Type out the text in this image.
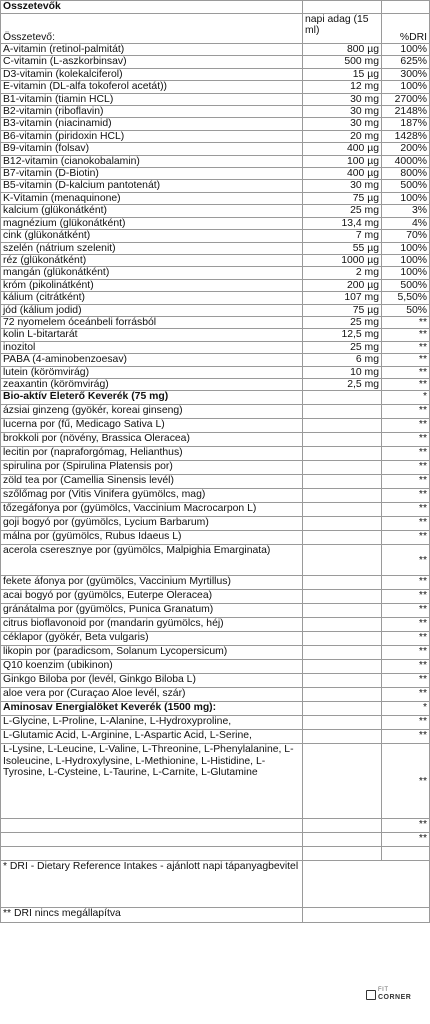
Összetevők		
Összetevő:	napi adag (15 ml)	%DRI
A-vitamin (retinol-palmitát)	800 µg	100%
C-vitamin (L-aszkorbinsav)	500 mg	625%
D3-vitamin (kolekalciferol)	15 µg	300%
E-vitamin (DL-alfa tokoferol acetát))	12 mg	100%
B1-vitamin (tiamin HCL)	30 mg	2700%
B2-vitamin (riboflavin)	30 mg	2148%
B3-vitamin (niacinamid)	30 mg	187%
B6-vitamin (piridoxin HCL)	20 mg	1428%
B9-vitamin (folsav)	400 µg	200%
B12-vitamin (cianokobalamin)	100 µg	4000%
B7-vitamin (D-Biotin)	400 µg	800%
B5-vitamin (D-kalcium pantotenát)	30 mg	500%
K-Vitamin (menaquinone)	75 µg	100%
kalcium (glükonátként)	25 mg	3%
magnézium (glükonátként)	13,4 mg	4%
cink (glükonátként)	7 mg	70%
szelén (nátrium szelenit)	55 µg	100%
réz (glükonátként)	1000 µg	100%
mangán (glükonátként)	2 mg	100%
króm (pikolinátként)	200 µg	500%
kálium (citrátként)	107 mg	5,50%
jód (kálium jodid)	75 µg	50%
72 nyomelem óceánbeli forrásból	25 mg	**
kolin L-bitartarát	12,5 mg	**
inozitol	25 mg	**
PABA (4-aminobenzoesav)	6 mg	**
lutein (körömvirág)	10 mg	**
zeaxantin (körömvirág)	2,5 mg	**
Bio-aktív Életerő Keverék (75 mg)		*
ázsiai ginzeng (gyökér, koreai ginseng)		**
lucerna por (fű, Medicago Sativa L)		**
brokkoli por (növény, Brassica Oleracea)		**
lecitin por (napraforgómag, Helianthus)		**
spirulina por (Spirulina Platensis por)		**
zöld tea por (Camellia Sinensis levél)		**
szőlőmag por (Vitis Vinifera gyümölcs, mag)		**
tőzegáfonya por (gyümölcs, Vaccinium Macrocarpon L)		**
goji bogyó por (gyümölcs, Lycium Barbarum)		**
málna por (gyümölcs, Rubus Idaeus L)		**
acerola cseresznye por (gyümölcs, Malpighia Emarginata)		**
fekete áfonya por (gyümölcs, Vaccinium Myrtillus)		**
acai bogyó por (gyümölcs, Euterpe Oleracea)		**
gránátalma por (gyümölcs, Punica Granatum)		**
citrus bioflavonoid por (mandarin gyümölcs, héj)		**
céklapor (gyökér, Beta vulgaris)		**
likopin por (paradicsom, Solanum Lycopersicum)		**
Q10 koenzim (ubikinon)		**
Ginkgo Biloba por (levél, Ginkgo Biloba L)		**
aloe vera por (Curaçao Aloe levél, szár)		**
Aminosav Energialöket Keverék (1500 mg):		*
L-Glycine, L-Proline, L-Alanine, L-Hydroxyproline,		**
L-Glutamic Acid, L-Arginine, L-Aspartic Acid, L-Serine,		**
L-Lysine, L-Leucine, L-Valine, L-Threonine, L-Phenylalanine, L-Isoleucine, L-Hydroxylysine, L-Methionine, L-Histidine, L-Tyrosine, L-Cysteine, L-Taurine, L-Carnite, L-Glutamine		**
		**
		**

* DRI - Dietary Reference Intakes - ajánlott napi tápanyagbevitel		
** DRI nincs megállapítva		
FIT
CORNER
